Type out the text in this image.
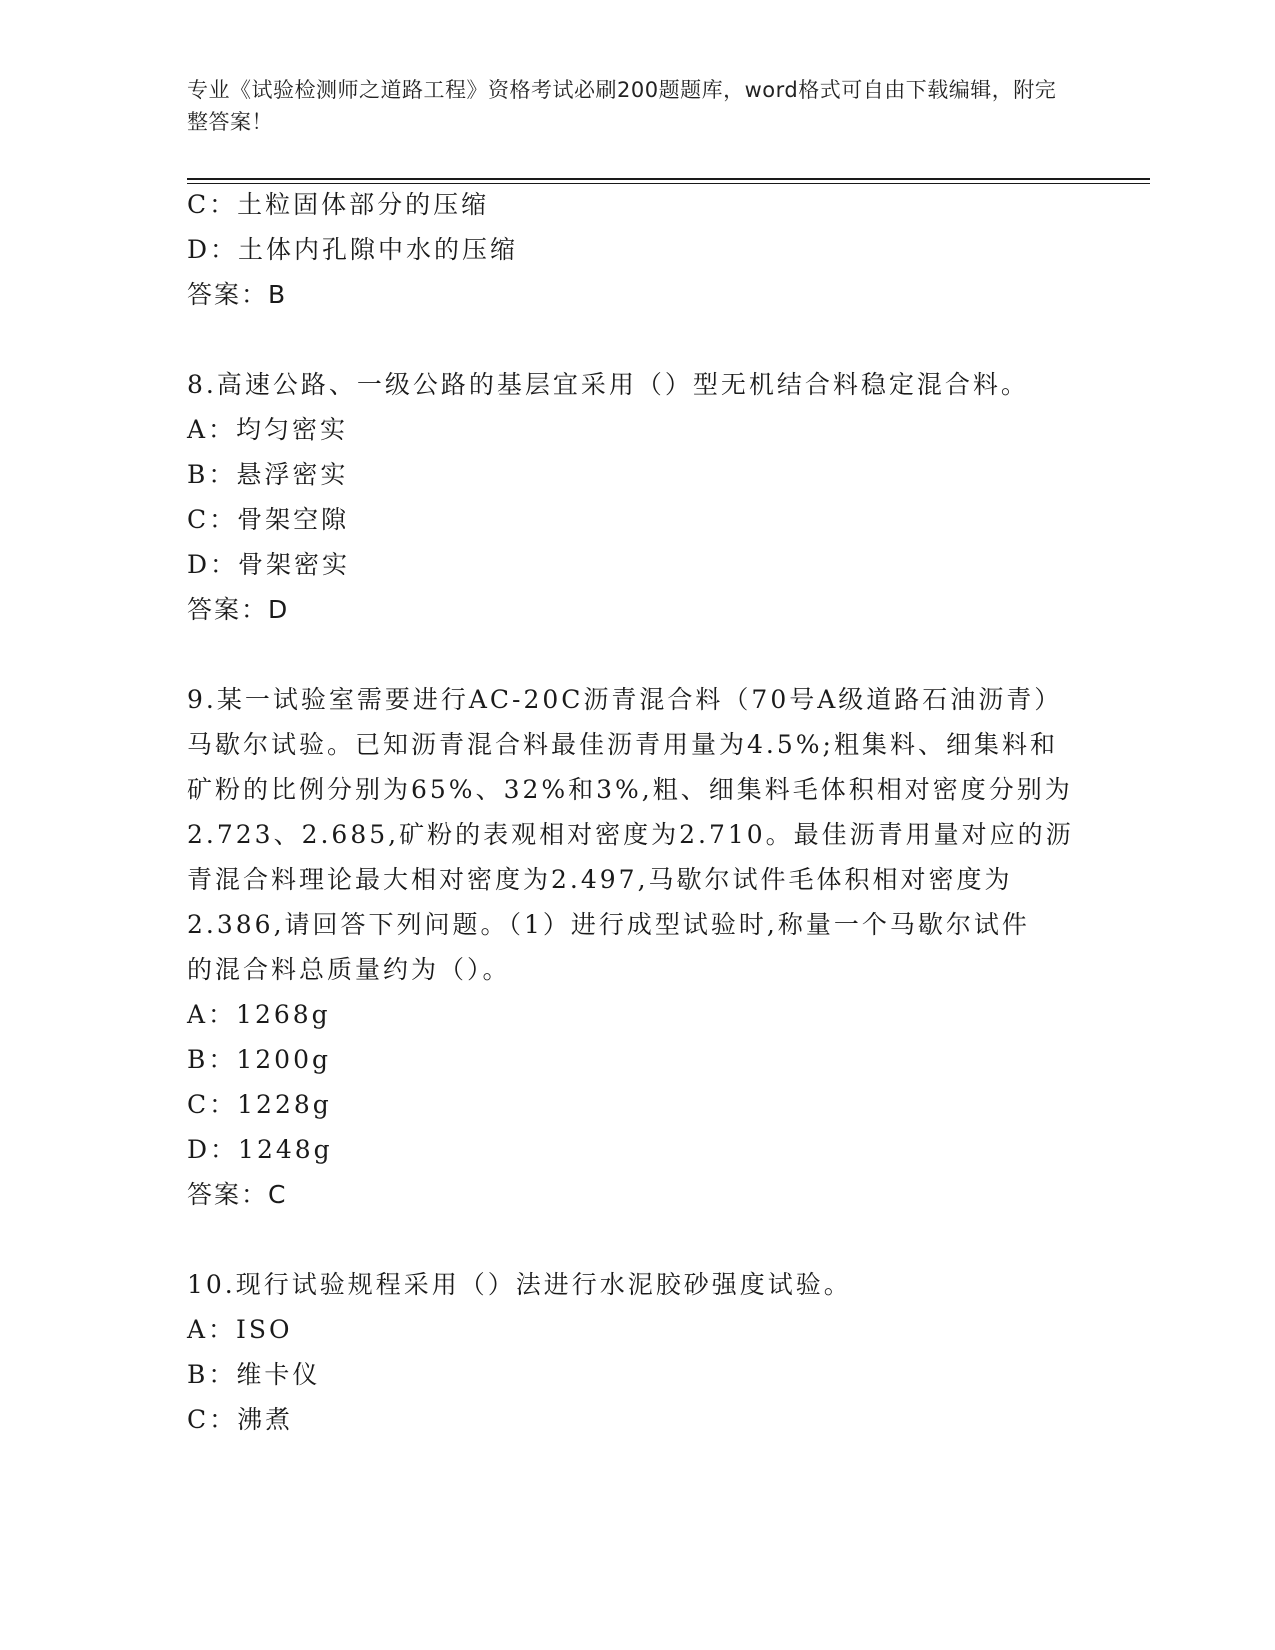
专业《试验检测师之道路工程》资格考试必刷200题题库，word格式可自由下载编辑，附完整答案！
C：土粒固体部分的压缩
D：土体内孔隙中水的压缩
答案：B
8.高速公路、一级公路的基层宜采用（）型无机结合料稳定混合料。
A：均匀密实
B：悬浮密实
C：骨架空隙
D：骨架密实
答案：D
9.某一试验室需要进行AC-20C沥青混合料（70号A级道路石油沥青）
马歇尔试验。已知沥青混合料最佳沥青用量为4.5%;粗集料、细集料和
矿粉的比例分别为65%、32%和3%,粗、细集料毛体积相对密度分别为
2.723、2.685,矿粉的表观相对密度为2.710。最佳沥青用量对应的沥
青混合料理论最大相对密度为2.497,马歇尔试件毛体积相对密度为
2.386,请回答下列问题。（1）进行成型试验时,称量一个马歇尔试件
的混合料总质量约为（）。
A：1268g
B：1200g
C：1228g
D：1248g
答案：C
10.现行试验规程采用（）法进行水泥胶砂强度试验。
A：ISO
B：维卡仪
C：沸煮
